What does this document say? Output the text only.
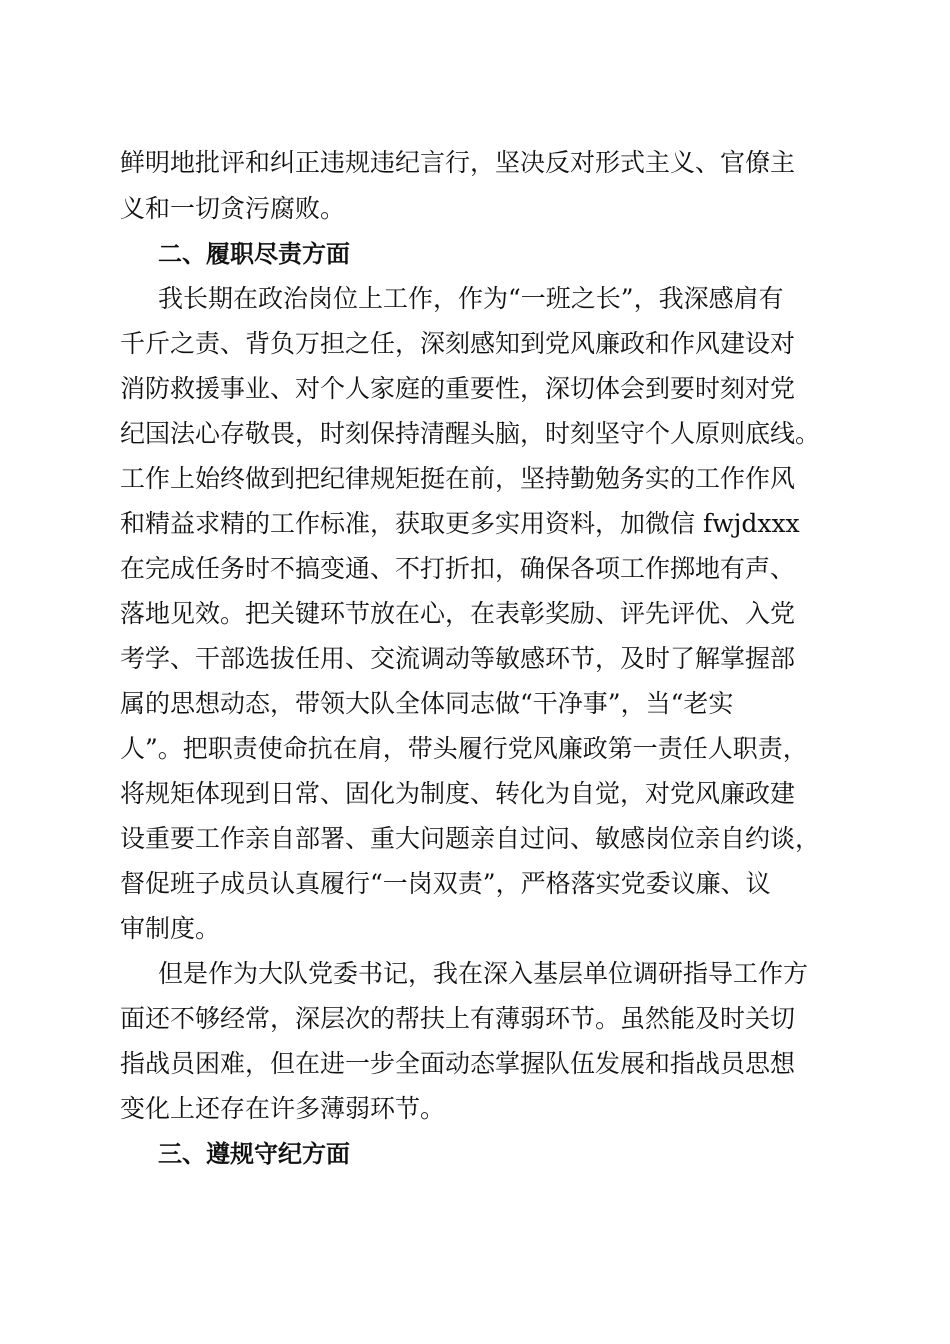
鲜明地批评和纠正违规违纪言行，坚决反对形式主义、官僚主

义和一切贪污腐败。

二、履职尽责方面

我长期在政治岗位上工作，作为“一班之长”，我深感肩有

千斤之责、背负万担之任，深刻感知到党风廉政和作风建设对

消防救援事业、对个人家庭的重要性，深切体会到要时刻对党

纪国法心存敬畏，时刻保持清醒头脑，时刻坚守个人原则底线。

工作上始终做到把纪律规矩挺在前，坚持勤勉务实的工作作风

和精益求精的工作标准，获取更多实用资料，加微信 fwjdxxx

在完成任务时不搞变通、不打折扣，确保各项工作掷地有声、

落地见效。把关键环节放在心，在表彰奖励、评先评优、入党

考学、干部选拔任用、交流调动等敏感环节，及时了解掌握部

属的思想动态，带领大队全体同志做“干净事”，当“老实

人”。把职责使命抗在肩，带头履行党风廉政第一责任人职责，

将规矩体现到日常、固化为制度、转化为自觉，对党风廉政建

设重要工作亲自部署、重大问题亲自过问、敏感岗位亲自约谈，

督促班子成员认真履行“一岗双责”，严格落实党委议廉、议

审制度。

但是作为大队党委书记，我在深入基层单位调研指导工作方

面还不够经常，深层次的帮扶上有薄弱环节。虽然能及时关切

指战员困难，但在进一步全面动态掌握队伍发展和指战员思想

变化上还存在许多薄弱环节。

三、遵规守纪方面
